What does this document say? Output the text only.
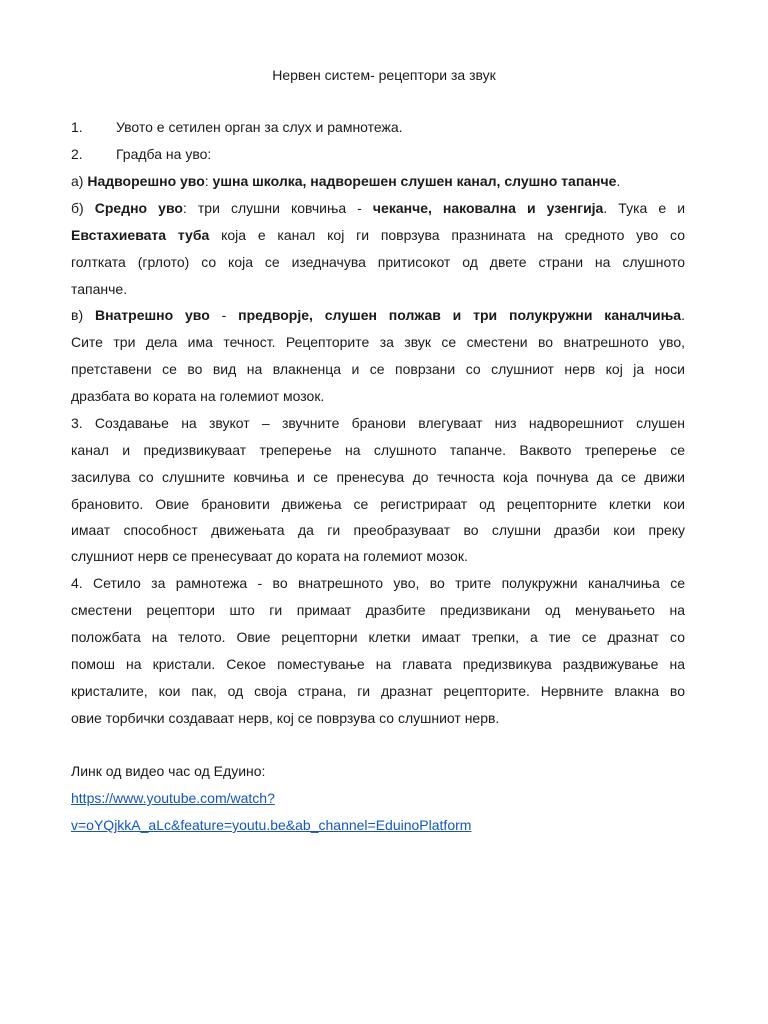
Нервен систем- рецептори за звук
1. Увото е сетилен орган за слух и рамнотежа.
2. Градба на уво:
а) Надворешно уво: ушна школка, надворешен слушен канал, слушно тапанче.
б) Средно уво: три слушни ковчиња - чеканче, наковална и узенгија. Тука е и
Евстахиевата туба која е канал кој ги поврзува празнината на средното уво со
голтката (грлото) со која се изедначува притисокот од двете страни на слушното
тапанче.
в) Внатрешно уво - предворје, слушен полжав и три полукружни каналчиња.
Сите три дела има течност. Рецепторите за звук се сместени во внатрешното уво,
претставени се во вид на влакненца и се поврзани со слушниот нерв кој ја носи
дразбата во кората на големиот мозок.
3. Создавање на звукот – звучните бранови влегуваат низ надворешниот слушен
канал и предизвикуваат треперење на слушното тапанче. Ваквото треперење се
засилува со слушните ковчиња и се пренесува до течноста која почнува да се движи
брановито. Овие брановити движења се регистрираат од рецепторните клетки кои
имаат способност движењата да ги преобразуваат во слушни дразби кои преку
слушниот нерв се пренесуваат до кората на големиот мозок.
4. Сетило за рамнотежа - во внатрешното уво, во трите полукружни каналчиња се
сместени рецептори што ги примаат дразбите предизвикани од менувањето на
положбата на телото. Овие рецепторни клетки имаат трепки, а тие се дразнат со
помош на кристали. Секое поместување на главата предизвикува раздвижување на
кристалите, кои пак, од своја страна, ги дразнат рецепторите. Нервните влакна во
овие торбички создаваат нерв, кој се поврзува со слушниот нерв.
Линк од видео час од Едуино:
https://www.youtube.com/watch?
v=oYQjkkA_aLc&feature=youtu.be&ab_channel=EduinoPlatform
